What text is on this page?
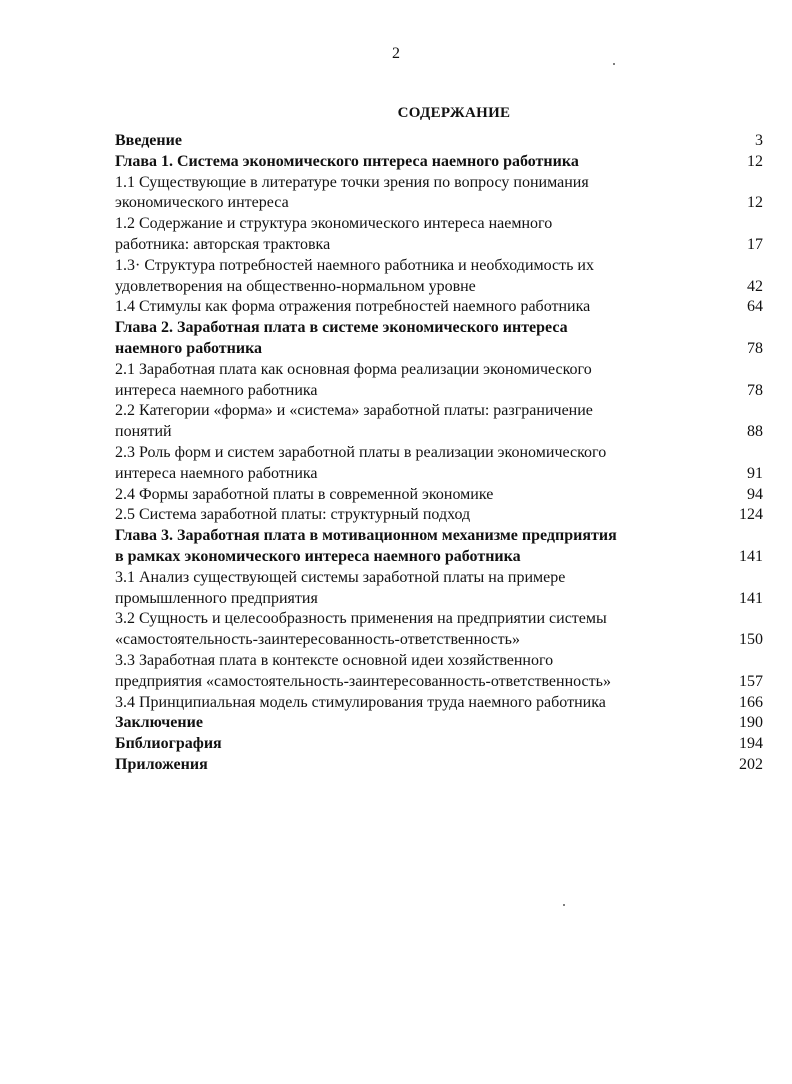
2
СОДЕРЖАНИЕ
Введение	3
Глава 1. Система экономического пнтереса наемного работника	12
1.1 Существующие в литературе точки зрения по вопросу понимания
экономического интереса	12
1.2 Содержание и структура экономического интереса наемного
работника: авторская трактовка	17
1.3· Структура потребностей наемного работника и необходимость их
удовлетворения на общественно-нормальном уровне	42
1.4 Стимулы как форма отражения потребностей наемного работника	64
Глава 2. Заработная плата в системе экономического интереса
наемного работника	78
2.1 Заработная плата как основная форма реализации экономического
интереса наемного работника	78
2.2 Категории «форма» и «система» заработной платы: разграничение
понятий	88
2.3 Роль форм и систем заработной платы в реализации экономического
интереса наемного работника	91
2.4 Формы заработной платы в современной экономике	94
2.5 Система заработной платы: структурный подход	124
Глава 3. Заработная плата в мотивационном механизме предприятия
в рамках экономического интереса наемного работника	141
3.1 Анализ существующей системы заработной платы на примере
промышленного предприятия	141
3.2 Сущность и целесообразность применения на предприятии системы
«самостоятельность-заинтересованность-ответственность»	150
3.3 Заработная плата в контексте основной идеи хозяйственного
предприятия «самостоятельность-заинтересованность-ответственность»	157
3.4 Принципиальная модель стимулирования труда наемного работника	166
Заключение	190
Бпблиография	194
Приложения	202
